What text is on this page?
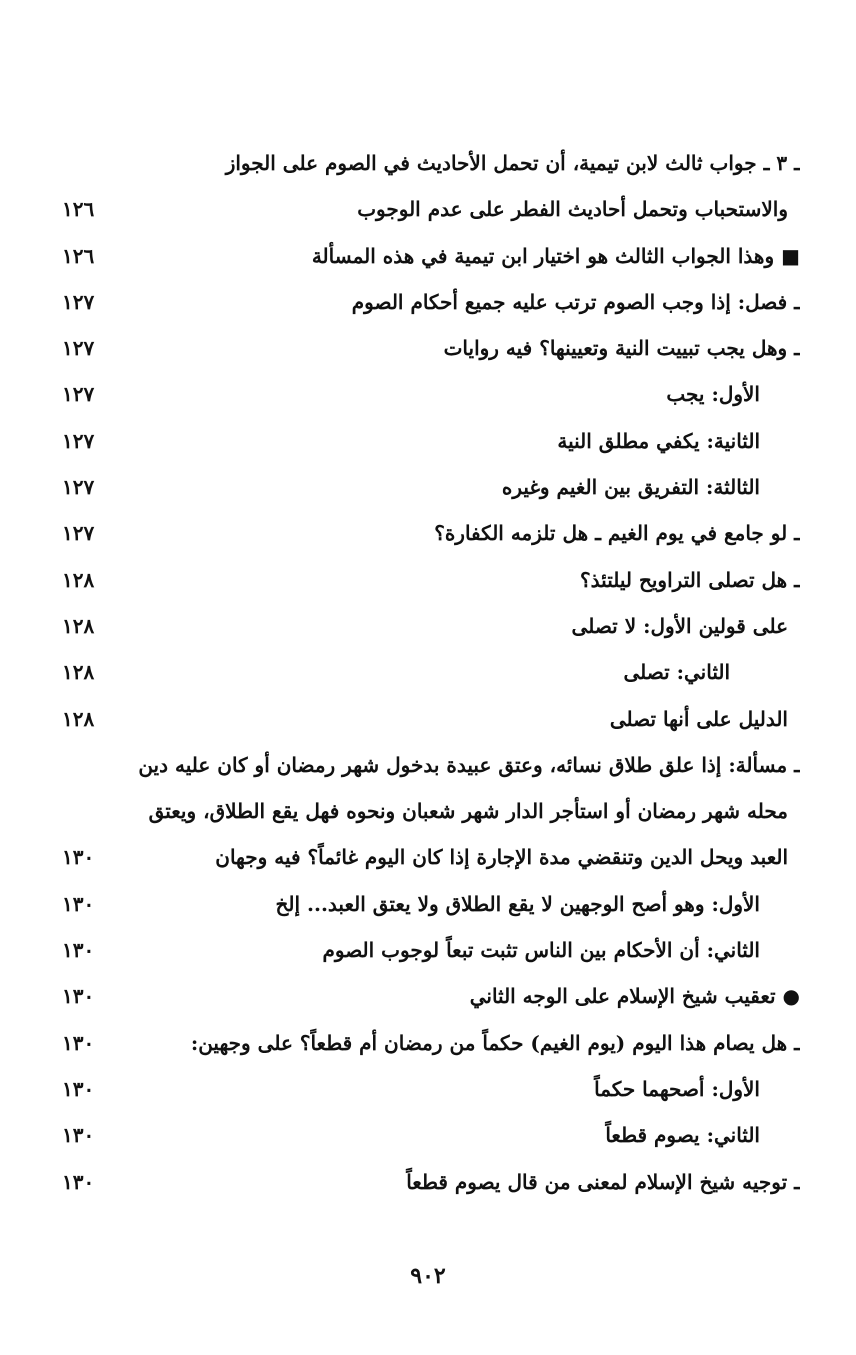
ـ ٣ ـ جواب ثالث لابن تيمية، أن تحمل الأحاديث في الصوم على الجواز
والاستحباب وتحمل أحاديث الفطر على عدم الوجوب
١٢٦
■ وهذا الجواب الثالث هو اختيار ابن تيمية في هذه المسألة
١٢٦
ـ فصل: إذا وجب الصوم ترتب عليه جميع أحكام الصوم
١٢٧
ـ وهل يجب تبييت النية وتعيينها؟ فيه روايات
١٢٧
الأول: يجب
١٢٧
الثانية: يكفي مطلق النية
١٢٧
الثالثة: التفريق بين الغيم وغيره
١٢٧
ـ لو جامع في يوم الغيم ـ هل تلزمه الكفارة؟
١٢٧
ـ هل تصلى التراويح ليلتئذ؟
١٢٨
على قولين الأول: لا تصلى
١٢٨
الثاني: تصلى
١٢٨
الدليل على أنها تصلى
١٢٨
ـ مسألة: إذا علق طلاق نسائه، وعتق عبيدة بدخول شهر رمضان أو كان عليه دين
محله شهر رمضان أو استأجر الدار شهر شعبان ونحوه فهل يقع الطلاق، ويعتق
العبد ويحل الدين وتنقضي مدة الإجارة إذا كان اليوم غائماً؟ فيه وجهان
١٣٠
الأول: وهو أصح الوجهين لا يقع الطلاق ولا يعتق العبد... إلخ
١٣٠
الثاني: أن الأحكام بين الناس تثبت تبعاً لوجوب الصوم
١٣٠
● تعقيب شيخ الإسلام على الوجه الثاني
١٣٠
ـ هل يصام هذا اليوم (يوم الغيم) حكماً من رمضان أم قطعاً؟ على وجهين:
١٣٠
الأول: أصحهما حكماً
١٣٠
الثاني: يصوم قطعاً
١٣٠
ـ توجيه شيخ الإسلام لمعنى من قال يصوم قطعاً
١٣٠
٩٠٢
